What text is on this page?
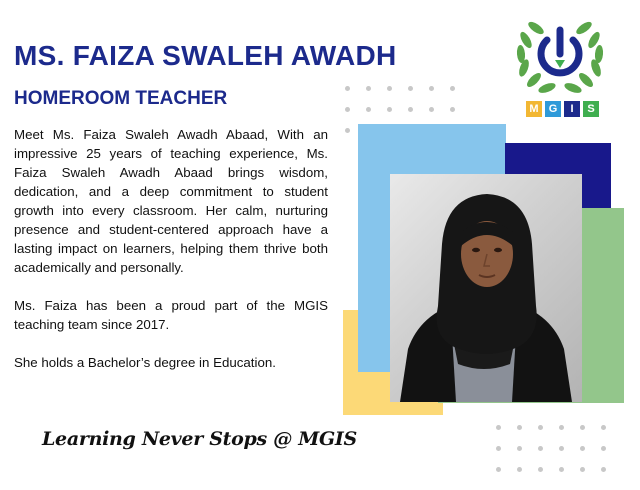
MS. FAIZA SWALEH AWADH
HOMEROOM TEACHER

Meet Ms. Faiza Swaleh Awadh Abaad, With an impressive 25 years of teaching experience, Ms. Faiza Swaleh Awadh Abaad brings wisdom, dedication, and a deep commitment to student growth into every classroom. Her calm, nurturing presence and student-centered approach have a lasting impact on learners, helping them thrive both academically and personally.

Ms. Faiza has been a proud part of the MGIS teaching team since 2017.

She holds a Bachelor’s degree in Education.

Learning Never Stops @ MGIS
M G	I	S
